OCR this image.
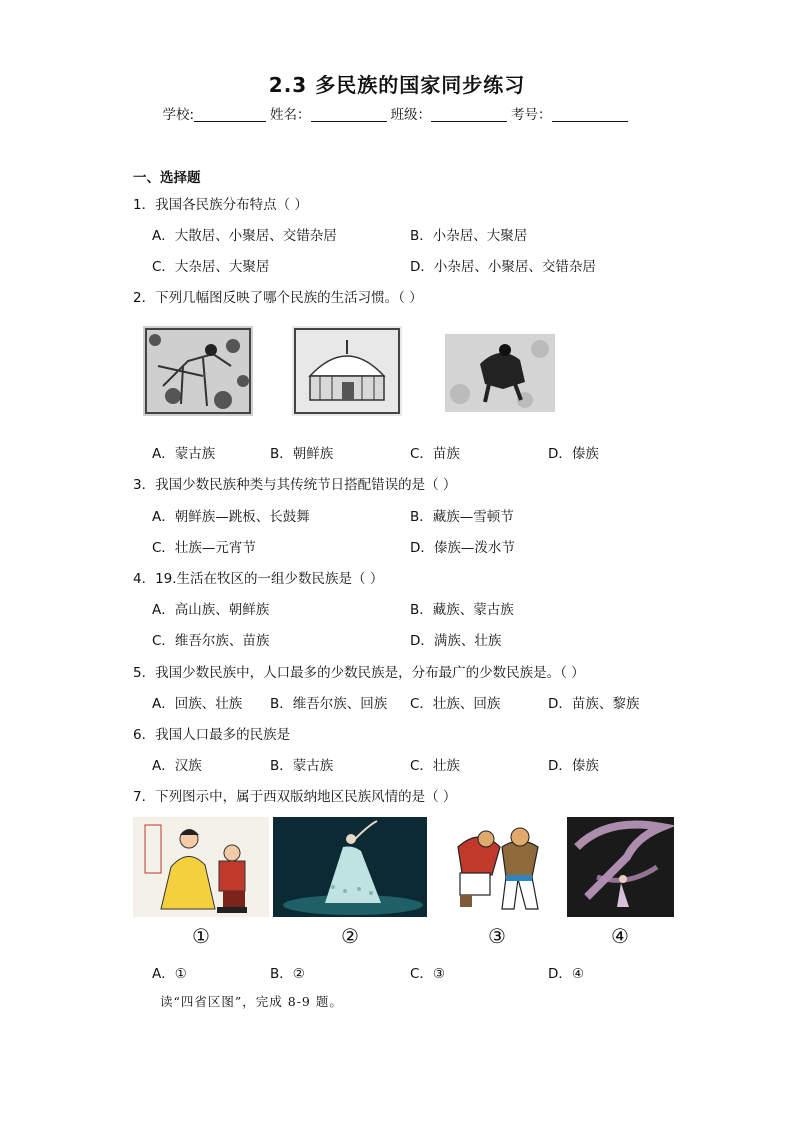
2.3 多民族的国家同步练习
学校:	姓名：	班级：	考号：
一、选择题
1．我国各民族分布特点（ ）
A．大散居、小聚居、交错杂居	B．小杂居、大聚居
C．大杂居、大聚居	D．小杂居、小聚居、交错杂居
2．下列几幅图反映了哪个民族的生活习惯。（ ）
A．蒙古族	B．朝鲜族	C．苗族	D．傣族
3．我国少数民族种类与其传统节日搭配错误的是（ ）
A．朝鲜族—跳板、长鼓舞	B．藏族—雪顿节
C．壮族—元宵节	D．傣族—泼水节
4．19.生活在牧区的一组少数民族是（ ）
A．高山族、朝鲜族	B．藏族、蒙古族
C．维吾尔族、苗族	D．满族、壮族
5．我国少数民族中，人口最多的少数民族是，分布最广的少数民族是。（ ）
A．回族、壮族 B．维吾尔族、回族 C．壮族、回族	D．苗族、黎族
6．我国人口最多的民族是
A．汉族	B．蒙古族	C．壮族	D．傣族
7．下列图示中，属于西双版纳地区民族风情的是（ ）
①	②	③	④
A．①	B．②	C．③	D．④
读“四省区图”，完成 8-9 题。
